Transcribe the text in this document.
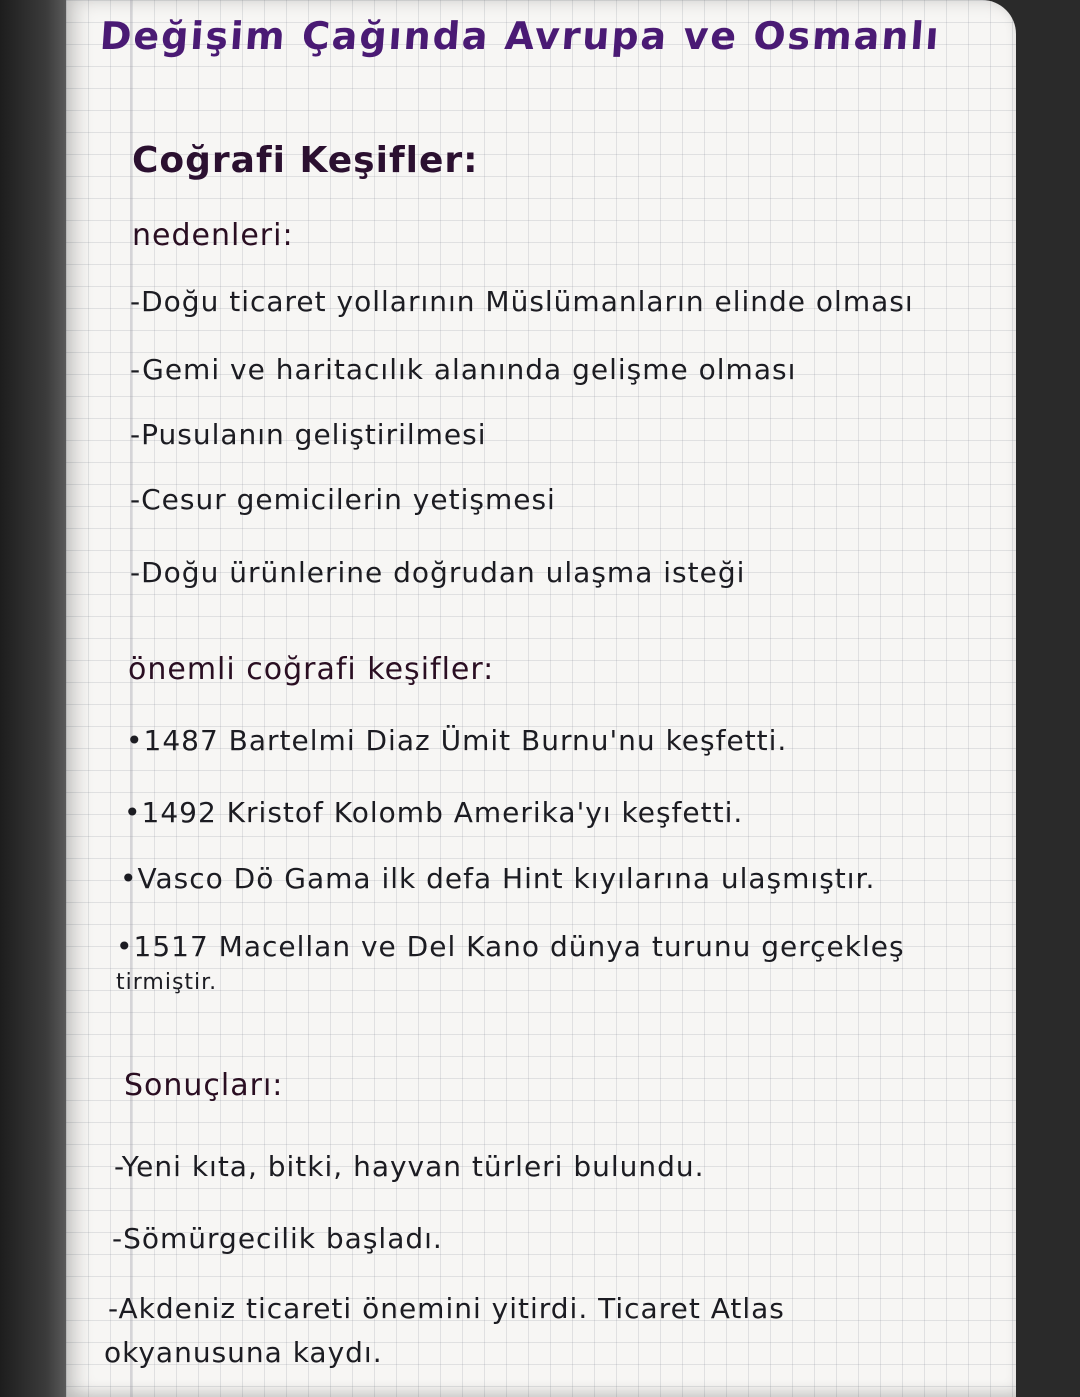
Değişim Çağında Avrupa ve Osmanlı
Coğrafi Keşifler:
nedenleri:
-Doğu ticaret yollarının Müslümanların elinde olması
-Gemi ve haritacılık alanında gelişme olması
-Pusulanın geliştirilmesi
-Cesur gemicilerin yetişmesi
-Doğu ürünlerine doğrudan ulaşma isteği
önemli coğrafi keşifler:
•1487 Bartelmi Diaz Ümit Burnu'nu keşfetti.
•1492 Kristof Kolomb Amerika'yı keşfetti.
•Vasco Dö Gama ilk defa Hint kıyılarına ulaşmıştır.
•1517 Macellan ve Del Kano dünya turunu gerçekleş
tirmiştir.
Sonuçları:
-Yeni kıta, bitki, hayvan türleri bulundu.
-Sömürgecilik başladı.
-Akdeniz ticareti önemini yitirdi. Ticaret Atlas
okyanusuna kaydı.
